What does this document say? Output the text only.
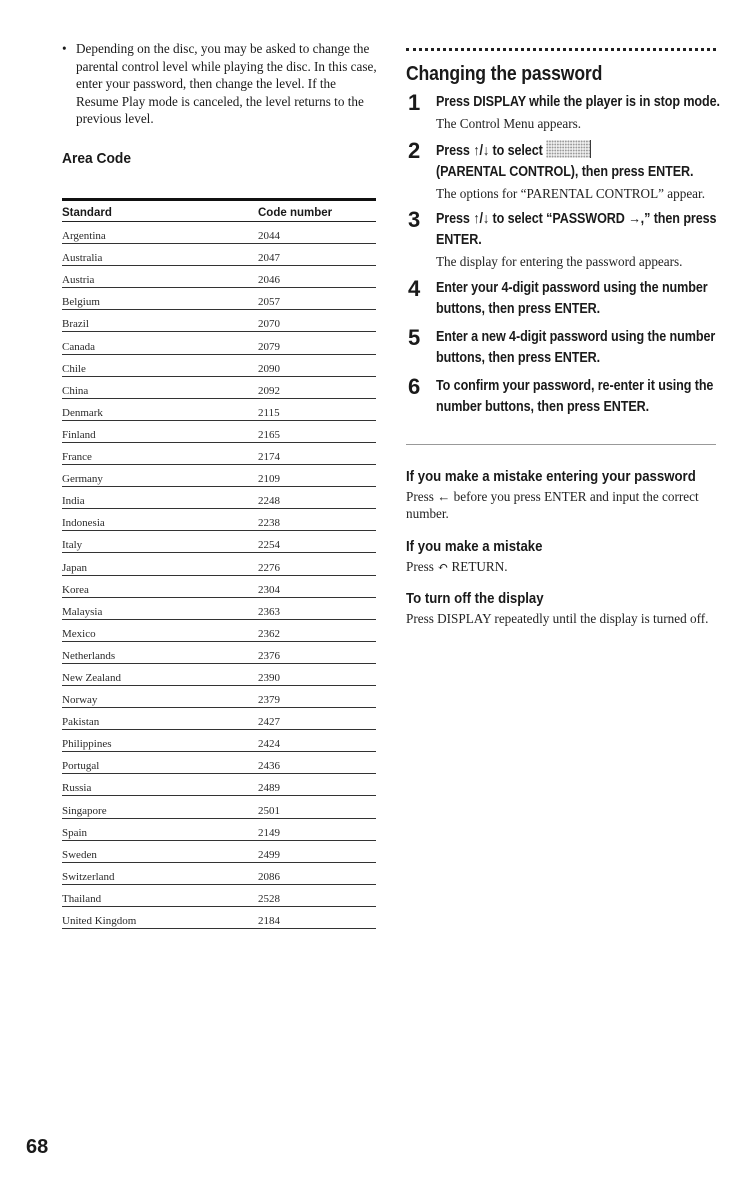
• Depending on the disc, you may be asked to change the parental control level while playing the disc. In this case, enter your password, then change the level. If the Resume Play mode is canceled, the level returns to the previous level.

Area Code
Standard	Code number
Argentina	2044
Australia	2047
Austria	2046
Belgium	2057
Brazil	2070
Canada	2079
Chile	2090
China	2092
Denmark	2115
Finland	2165
France	2174
Germany	2109
India	2248
Indonesia	2238
Italy	2254
Japan	2276
Korea	2304
Malaysia	2363
Mexico	2362
Netherlands	2376
New Zealand	2390
Norway	2379
Pakistan	2427
Philippines	2424
Portugal	2436
Russia	2489
Singapore	2501
Spain	2149
Sweden	2499
Switzerland	2086
Thailand	2528
United Kingdom	2184
Changing the password
1 Press DISPLAY while the player is in stop mode.
The Control Menu appears.
2 Press ↑/↓ to select
(PARENTAL CONTROL), then press ENTER.
The options for “PARENTAL CONTROL” appear.
3 Press ↑/↓ to select “PASSWORD →,” then press ENTER.
The display for entering the password appears.
4 Enter your 4-digit password using the number buttons, then press ENTER.
5 Enter a new 4-digit password using the number buttons, then press ENTER.
6 To confirm your password, re-enter it using the number buttons, then press ENTER.
If you make a mistake entering your password

Press ← before you press ENTER and input the correct number.

If you make a mistake

Press ↶ RETURN.

To turn off the display

Press DISPLAY repeatedly until the display is turned off.

68
